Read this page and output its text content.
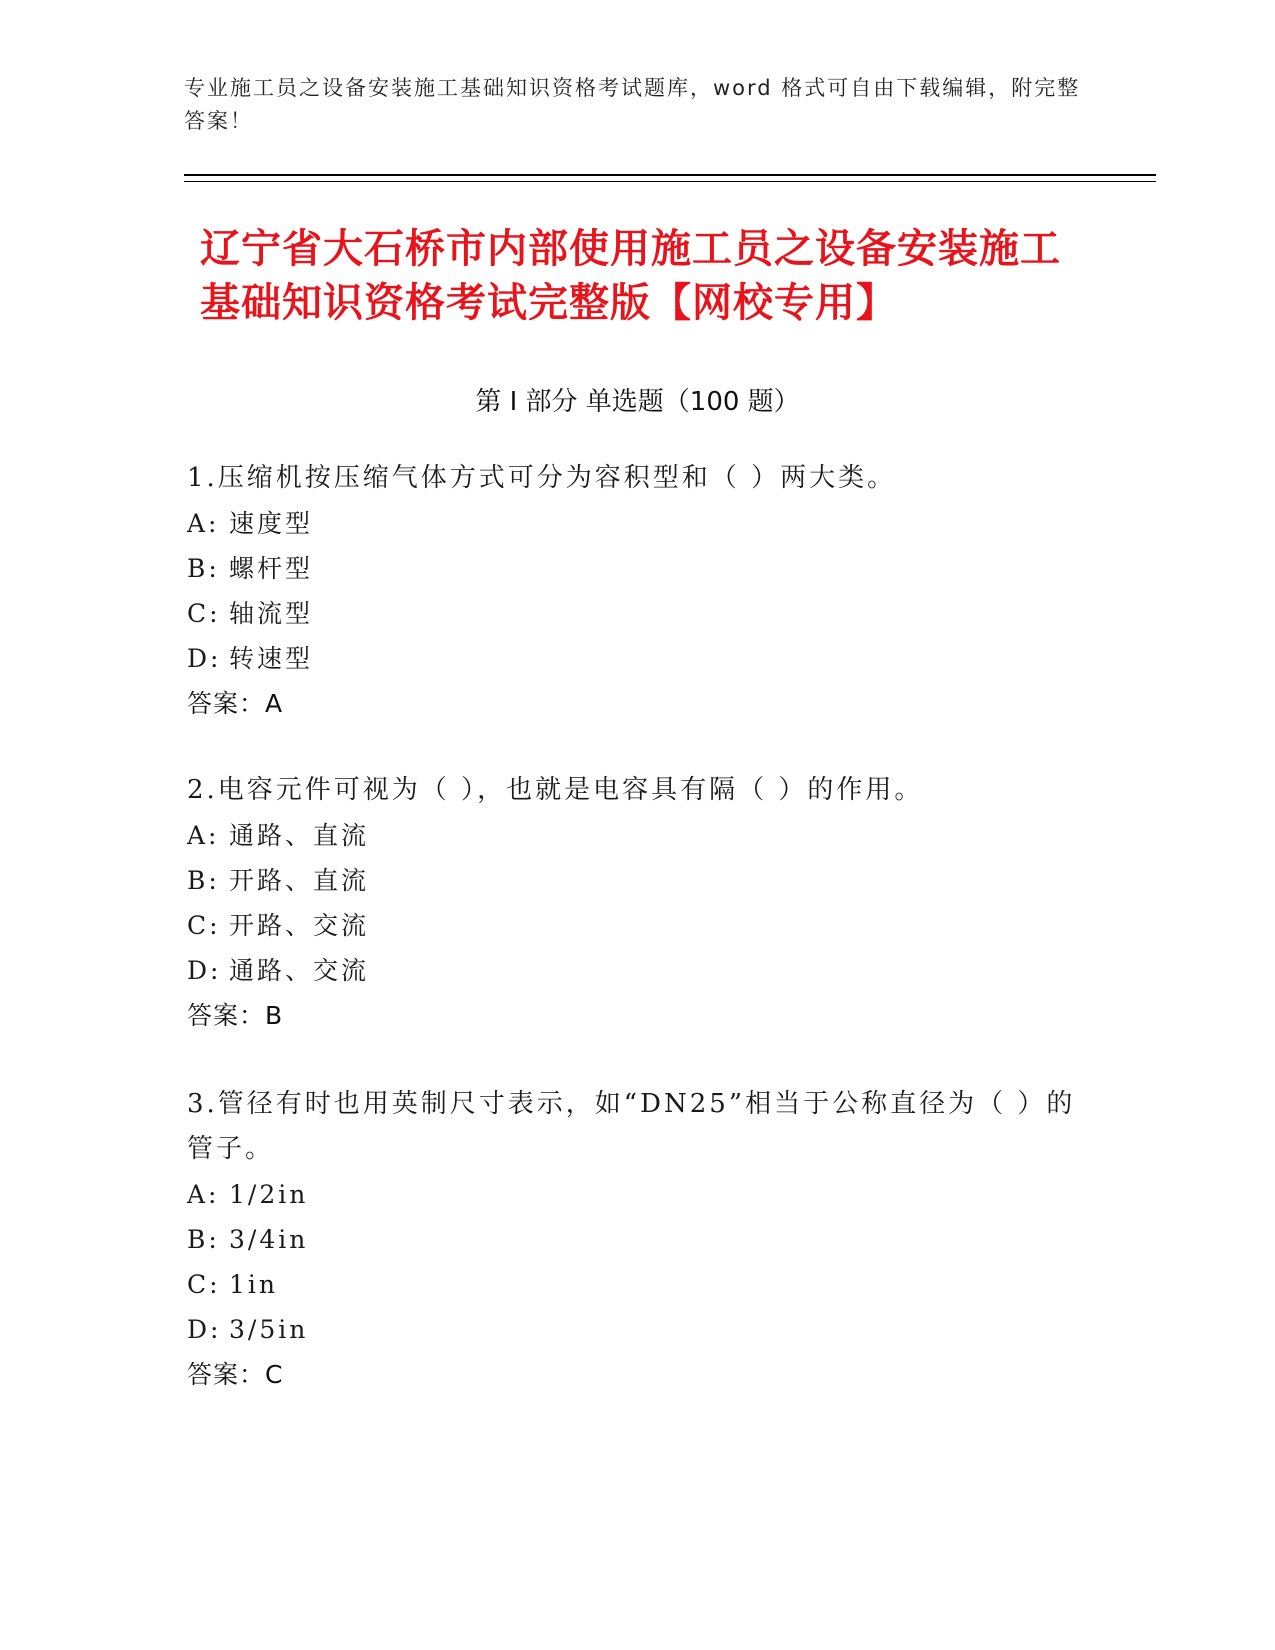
专业施工员之设备安装施工基础知识资格考试题库，word 格式可自由下载编辑，附完整答案！
辽宁省大石桥市内部使用施工员之设备安装施工基础知识资格考试完整版【网校专用】
第 I 部分 单选题（100 题）
1.压缩机按压缩气体方式可分为容积型和（ ）两大类。
A: 速度型
B: 螺杆型
C: 轴流型
D: 转速型
答案：A
2.电容元件可视为（ ），也就是电容具有隔（ ）的作用。
A: 通路、直流
B: 开路、直流
C: 开路、交流
D: 通路、交流
答案：B
3.管径有时也用英制尺寸表示，如“DN25”相当于公称直径为（ ）的管子。
A: 1/2in
B: 3/4in
C: 1in
D: 3/5in
答案：C
